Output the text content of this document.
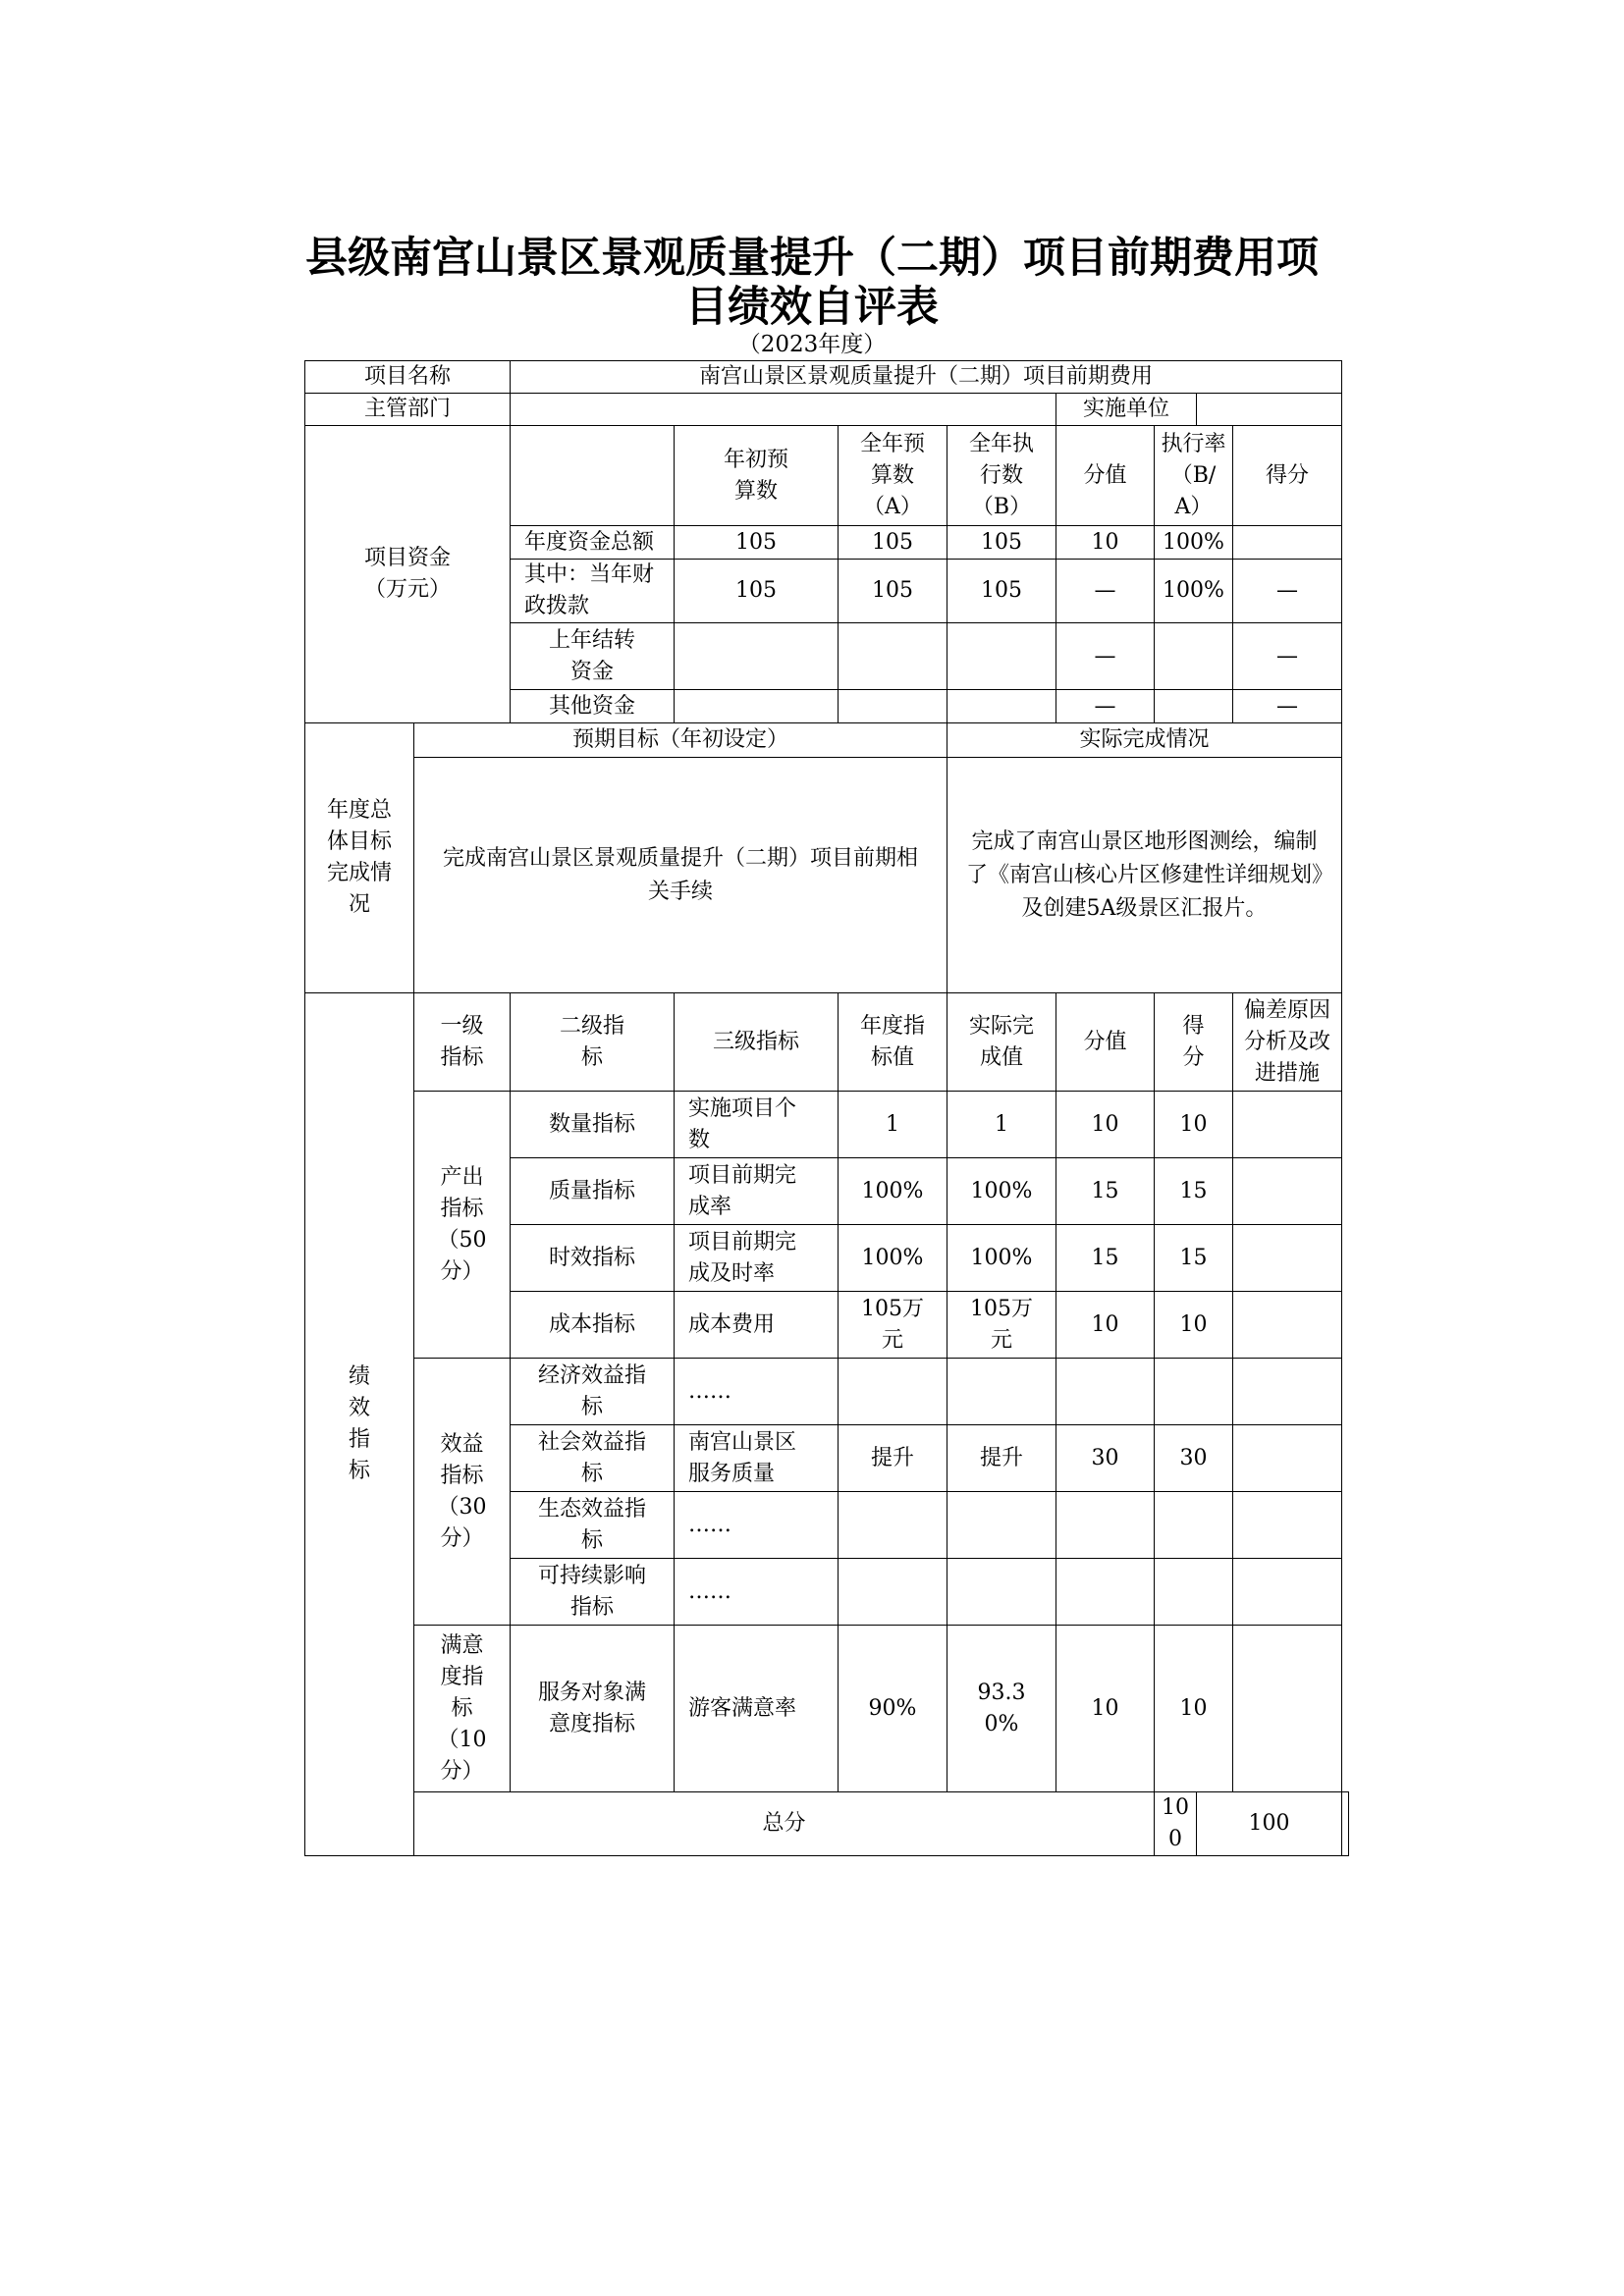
县级南宫山景区景观质量提升（二期）项目前期费用项目绩效自评表
（2023年度）
项目名称		南宫山景区景观质量提升（二期）项目前期费用								
主管部门						实施单位				
项目资金（万元）			年初预算数	全年预算数（A）	全年执行数（B）	分值	执行率（B/A）		得分	
		年度资金总额	105	105	105	10	100%			
		其中：当年财政拨款	105	105	105	—	100%		—	
		上年结转资金				—			—	
		其他资金				—			—	
年度总体目标完成情况	预期目标（年初设定）				实际完成情况					
	完成南宫山景区景观质量提升（二期）项目前期相关手续				完成了南宫山景区地形图测绘，编制了《南宫山核心片区修建性详细规划》及创建5A级景区汇报片。					
绩效指标	一级指标	二级指标	三级指标	年度指标值	实际完成值	分值	得分		偏差原因分析及改进措施	
	产出指标（50分）	数量指标	实施项目个数	1	1	10	10			
		质量指标	项目前期完成率	100%	100%	15	15			
		时效指标	项目前期完成及时率	100%	100%	15	15			
		成本指标	成本费用	105万元	105万元	10	10			
	效益指标（30分）	经济效益指标	……							
		社会效益指标	南宫山景区服务质量	提升	提升	30	30			
		生态效益指标	……							
		可持续影响指标	……							
	满意度指标（10分）	服务对象满意度指标	游客满意率	90%	93.30%	10	10			
	总分						100	100		
